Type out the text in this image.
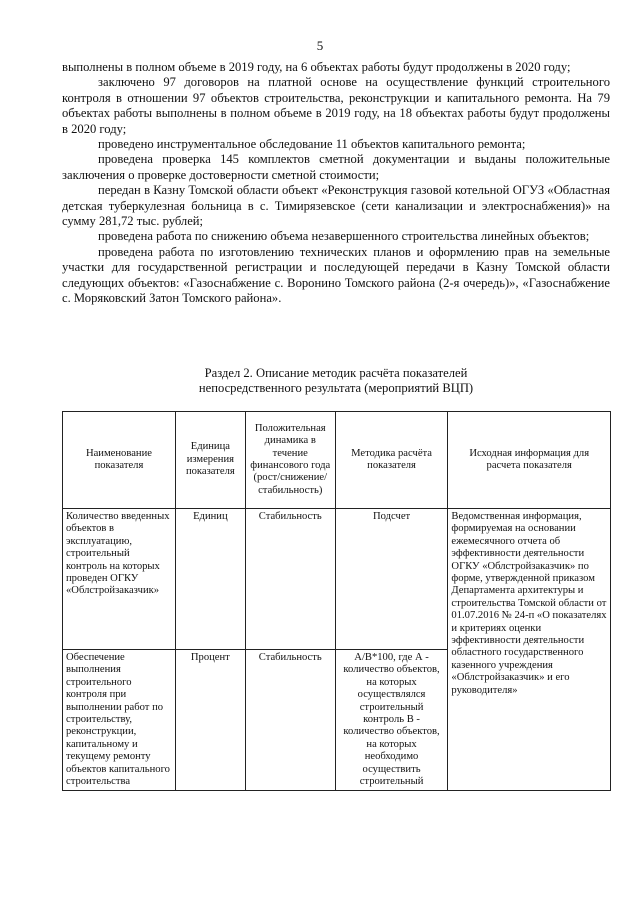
5

выполнены в полном объеме в 2019 году, на 6 объектах работы будут продолжены в 2020 году;

заключено 97 договоров на платной основе на осуществление функций строительного контроля в отношении 97 объектов строительства, реконструкции и капитального ремонта. На 79 объектах работы выполнены в полном объеме в 2019 году, на 18 объектах работы будут продолжены в 2020 году;

проведено инструментальное обследование 11 объектов капитального ремонта;

проведена проверка 145 комплектов сметной документации и выданы положительные заключения о проверке достоверности сметной стоимости;

передан в Казну Томской области объект «Реконструкция газовой котельной ОГУЗ «Областная детская туберкулезная больница в с. Тимирязевское (сети канализации и электроснабжения)» на сумму 281,72 тыс. рублей;

проведена работа по снижению объема незавершенного строительства линейных объектов;

проведена работа по изготовлению технических планов и оформлению прав на земельные участки для государственной регистрации и последующей передачи в Казну Томской области следующих объектов: «Газоснабжение с. Воронино Томского района (2-я очередь)», «Газоснабжение с. Моряковский Затон Томского района».

Раздел 2. Описание методик расчёта показателей
непосредственного результата (мероприятий ВЦП)
Наименование показателя	Единица измерения показателя	Положительная динамика в течение финансового года (рост/снижение/ стабильность)	Методика расчёта показателя	Исходная информация для расчета показателя
Количество введенных объектов в эксплуатацию, строительный контроль на которых проведен ОГКУ «Облстройзаказчик»	Единиц	Стабильность	Подсчет	Ведомственная информация, формируемая на основании ежемесячного отчета об эффективности деятельности ОГКУ «Облстройзаказчик» по форме, утвержденной приказом Департамента архитектуры и строительства Томской области от 01.07.2016 № 24-п «О показателях и критериях оценки эффективности деятельности областного государственного казенного учреждения «Облстройзаказчик» и его руководителя»
Обеспечение выполнения строительного контроля при выполнении работ по строительству, реконструкции, капитальному и текущему ремонту объектов капитального строительства	Процент	Стабильность	А/В*100, где А - количество объектов, на которых осуществлялся строительный контроль В - количество объектов, на которых необходимо осуществить строительный	
